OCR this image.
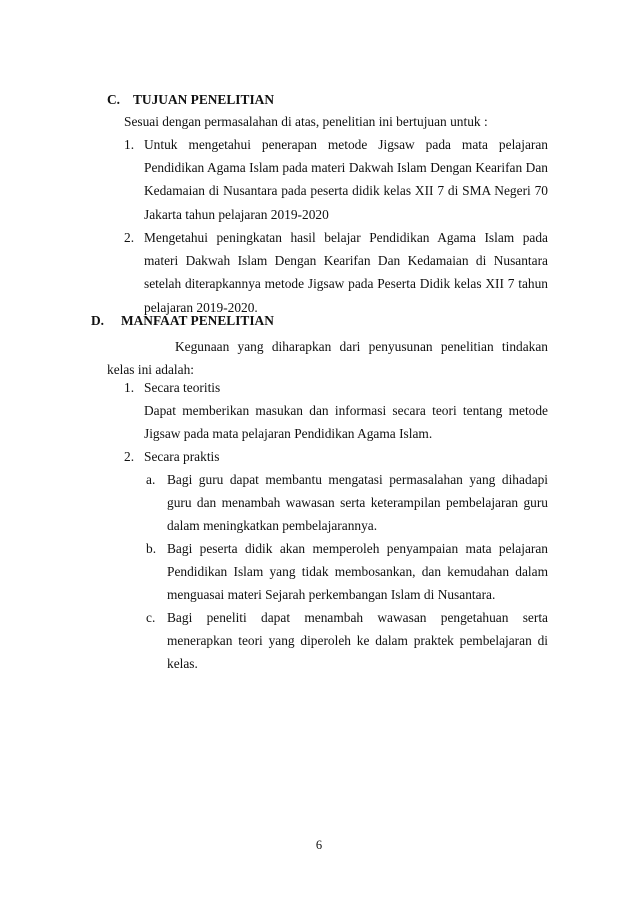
C. TUJUAN PENELITIAN
Sesuai dengan permasalahan di atas, penelitian ini bertujuan untuk :
1. Untuk mengetahui penerapan metode Jigsaw pada mata pelajaran Pendidikan Agama Islam pada materi Dakwah Islam Dengan Kearifan Dan Kedamaian di Nusantara pada peserta didik kelas XII 7 di SMA Negeri 70 Jakarta tahun pelajaran 2019-2020
2. Mengetahui peningkatan hasil belajar Pendidikan Agama Islam pada materi Dakwah Islam Dengan Kearifan Dan Kedamaian di Nusantara setelah diterapkannya metode Jigsaw pada Peserta Didik kelas XII 7 tahun pelajaran 2019-2020.
D. MANFAAT PENELITIAN
Kegunaan yang diharapkan dari penyusunan penelitian tindakan kelas ini adalah:
1. Secara teoritis
Dapat memberikan masukan dan informasi secara teori tentang metode Jigsaw pada mata pelajaran Pendidikan Agama Islam.
2. Secara praktis
a. Bagi guru dapat membantu mengatasi permasalahan yang dihadapi guru dan menambah wawasan serta keterampilan pembelajaran guru dalam meningkatkan pembelajarannya.
b. Bagi peserta didik akan memperoleh penyampaian mata pelajaran Pendidikan Islam yang tidak membosankan, dan kemudahan dalam menguasai materi Sejarah perkembangan Islam di Nusantara.
c. Bagi peneliti dapat menambah wawasan pengetahuan serta menerapkan teori yang diperoleh ke dalam praktek pembelajaran di kelas.
6
